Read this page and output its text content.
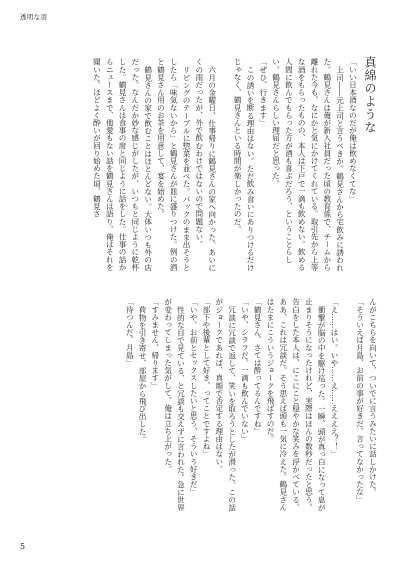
透明な羽
真綿のような

「いい日本酒なのだが俺は飲めなくてな」

上司――元上司と言うべきか。鶴見さんから宅飲みに誘われた。鶴見さんは俺が新入社員だった頃の教育係で、チームから離れた今も、なにかと気にかけてくれている。取引先から上等な酒をもらったものの、本人は下戸で一滴も飲めない。飲める人間に飲んでもらった方が酒も喜ぶだろう、ということらしい。鶴見さんらしい理屈だと思った。

「ぜひ、行きます」

この誘いを断る理由はない。ただ飲み食いにありつけるだけじゃなく、鶴見さんといる時間が楽しかったのだ。

六月の金曜日、仕事帰りに鶴見さんの家へ向かった。あいにくの雨だったが、外で飲むわけではないので問題ない。

リビングのテーブルに惣菜を並べた。パックのまま出そうとしたら「味気ないから」と鶴見さんが皿に盛りつけた。例の酒と鶴見さん用のお茶を用意して、宴を始めた。

鶴見さんの家で飲むことはほとんどない。大体いつも外の店だった。なんだか妙な感じがしたが、いつもと同じように乾杯した。鶴見さんは食事の席と同じように話をした。仕事の話からニュースまで、他愛もない話を鶴見さんは語り、俺はそれを聞いた。ほどよく酔いが回り始めた頃、鶴見さ

んがこちらを向いて、ついでに言うみたいに話しかけた。

「そういえば月島、お前の事が好きだ。言ってなかったな」

「え……はい。いや……え……ええええ？！」

衝撃が脳の中を駆け巡った。一瞬、頭が真っ白になって息が止まりそうになったけれど、実際はほんの数秒だったと思う。告白をした本人は、にこにこと穏やかな笑みを浮かべている。ああ、これは冗談だ。そう思えば頭も一気に冷えた。鶴見さんはたまにこういうジョークを飛ばすのだ。

「鶴見さん、さては酔ってるんですね」

「いや、シラフだ。一滴も飲んでいない」

冗談に冗談で返して、笑いを取ろうとしたが滑った。この話がジョークであれば、真顔で否定する理由はない。

「部下や後輩として好き、ってことですよね」

「いや。お前とセックスしたいと思う、そういう好きだ」

性的な目で見ている、と冗談も交えずに言われた。急に世界が変わってしまった気がして、俺は立ち上がった。

「すみません、帰ります」

荷物を引き寄せ、部屋から飛び出した。

「待つんだ、月島」

5
